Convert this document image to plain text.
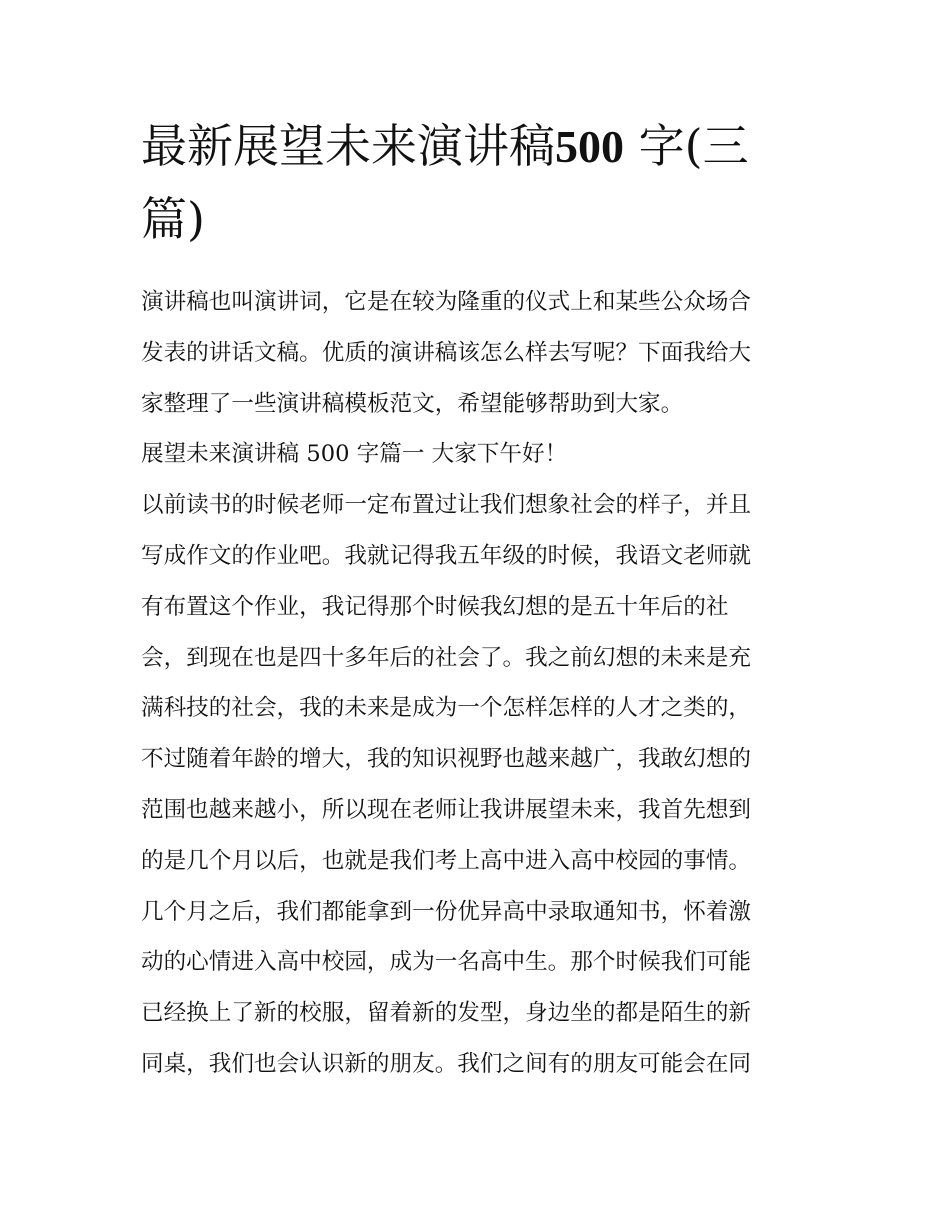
最新展望未来演讲稿500 字(三篇)

演讲稿也叫演讲词，它是在较为隆重的仪式上和某些公众场合
发表的讲话文稿。优质的演讲稿该怎么样去写呢？下面我给大
家整理了一些演讲稿模板范文，希望能够帮助到大家。

展望未来演讲稿 500 字篇一 大家下午好！

以前读书的时候老师一定布置过让我们想象社会的样子，并且
写成作文的作业吧。我就记得我五年级的时候，我语文老师就
有布置这个作业，我记得那个时候我幻想的是五十年后的社
会，到现在也是四十多年后的社会了。我之前幻想的未来是充
满科技的社会，我的未来是成为一个怎样怎样的人才之类的，
不过随着年龄的增大，我的知识视野也越来越广，我敢幻想的
范围也越来越小，所以现在老师让我讲展望未来，我首先想到
的是几个月以后，也就是我们考上高中进入高中校园的事情。
几个月之后，我们都能拿到一份优异高中录取通知书，怀着激
动的心情进入高中校园，成为一名高中生。那个时候我们可能
已经换上了新的校服，留着新的发型，身边坐的都是陌生的新
同桌，我们也会认识新的朋友。我们之间有的朋友可能会在同
